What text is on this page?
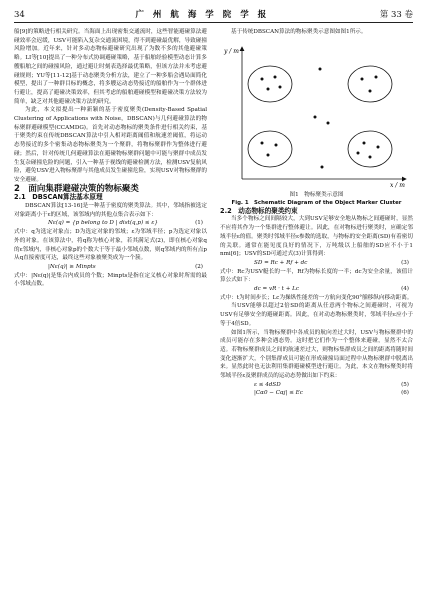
34	广 州 航 海 学 院 学 报	第 33 卷

船[9]的策略进行相关研究。当海面上出现密集交通流时，这些智能避碰算法避碰效率会迟缓，USV可能陷入复杂交通流困境，得不到避碰最优解，导致碰撞风险增加。近年来，针对多动态物标避碰研究出现了为数不多的其他避碰策略。LI等[10]提出了一种分布式协调避碰策略，基于船舶经验模型动态计算多艘船舶之间的碰撞风险，通过避让时刻表选择最优策略，但该方法并未考虑避碰规则；YU等[11-12]基于动态聚类分析方法，建立了一种多船会遇局面简化模型，提出了一种群目标的概念，将多艘运动态势接近的船舶作为一个群体进行避让，提高了避碰决策效率，但其考虑的船舶避碰模型和避碰决策方法较为简单，缺乏对其他避碰决策方法的研究。

为此，本文拟提出一种新颖的基于密度聚类(Density-Based Spatial Clustering of Applications with Noise，DBSCAN)与几何避碰算法的物标聚群避碰模型(CCAMDG)。首先对动态物标的聚类条件进行相关约束，基于聚类约束在传统DBSCAN算法中引入相对距离阈值和航速差阈值，将运动态势接近的多个密集动态物标聚类为一个聚群，将物标聚群作为整体进行避碰；然后，针对传统几何避碰算法在避碰物标聚群问题中可能与聚群中成员发生复杂碰撞危险的问题，引入一种基于视线的避碰检测方法，检测USV复航风险，避免USV进入物标聚群与其他成员发生碰撞危险，实现USV对物标聚群的安全避碰。

2　面向集群避碰决策的物标聚类

2.1　DBSCAN算法基本原理

DBSCAN算法[13-16]是一种基于密度的聚类算法。其中，邻域指被选定对象距离小于ε的区域，该邻域内的其他点集合表示如下：

Nε(q) = {p belong to D | dist(q,p) ≤ ε}	(1)

式中：q为选定对象点；D为选定对象的邻域；ε为邻域半径；p为选定对象以外的对象。在该算法中，将q称为核心对象，若其满足式(2)，即在核心对象q的ε邻域内，非核心对象p的个数大于等于最小邻域点数，则q邻域内的所有点p从q直接密度可达，最终这些对象被聚类成为一个簇。

|Nε(q)| ≥ Minpts	(2)

式中：|Nε(q)|是集合内成员的个数；Minpts是指在定义核心对象时所需的最小邻域点数。

基于传统DBSCAN算法的物标聚类示意图如图1所示。

y / m
x / m
图1　物标聚类示意图
Fig. 1　Schematic Diagram of the Object Marker Cluster

2.2　动态物标的聚类约束

当多个物标之间间隔较大，大到USV足够安全地从物标之间避碰时，显然不应将其作为一个集群进行整体避让。因此，在对物标进行聚类时，应确定邻域半径ε的值。聚类时邻域半径ε参数的选取，与物标的安全距离(SD)有着密切的关联。通常在能见度良好的情况下，万吨级以上船舶的SD应不小于1 nmi[6]；USV的SD可通过式(3)计算得到：

SD = Rc + Rf + dc	(3)

式中：Rc为USV艇长的一半，Rf为物标长度的一半；dc为安全余量，该值计算公式如下：

dc = vR · t + Lc	(4)

式中：t为时间步长；Lc为操纵性能差的一方航向变化90°艏移纵向移动距离。

当USV能够以超过2倍SD的距离从任意两个物标之间避碰时，可视为USV有足够安全的避碰距离。因此，在对动态物标聚类时，邻域半径ε应小于等于4倍SD。

如图1所示，当物标聚群中各成员的航向差过大时，USV与物标聚群中的成员可能存在多种会遇态势。这时把它们作为一个整体来避碰，显然不太合适。若物标聚群成员之间的航速差过大，则物标集群成员之间的距离将随时间变化逐渐扩大，个别集群成员可能在形成碰撞局面过程中从物标聚群中脱离出来。显然此时也无法利用集群避碰模型进行避让。为此，本文在物标聚类时将邻域半径ε及聚群成员的运动态势做出如下约束：

ε ≤ 4dSD	(5)
|Cα0 − Cαj| ≤ Ec	(6)
